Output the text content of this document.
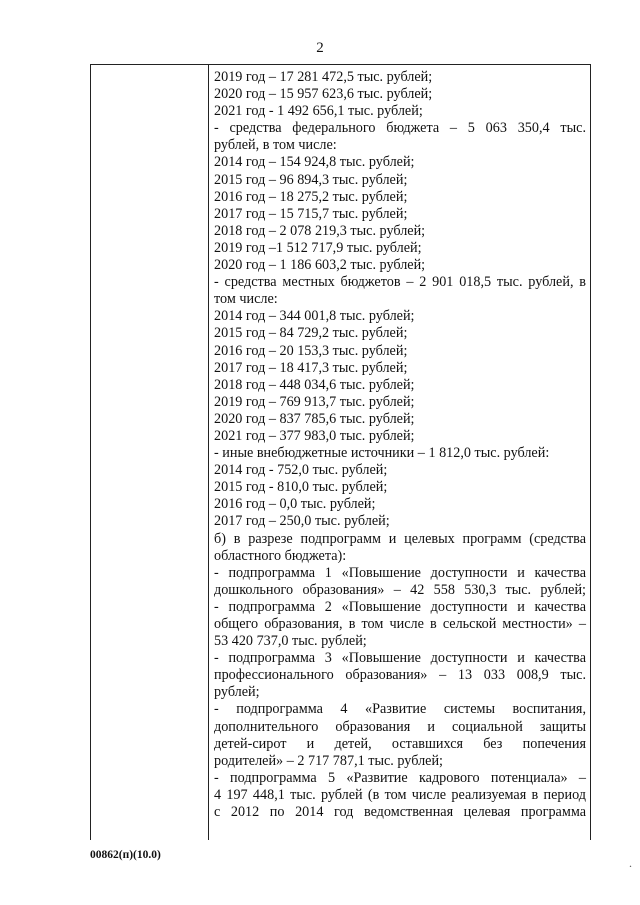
2
2019 год – 17 281 472,5 тыс. рублей;
2020 год – 15 957 623,6 тыс. рублей;
2021 год - 1 492 656,1 тыс. рублей;
- средства федерального бюджета – 5 063 350,4 тыс.
рублей, в том числе:
2014 год – 154 924,8 тыс. рублей;
2015 год – 96 894,3 тыс. рублей;
2016 год – 18 275,2 тыс. рублей;
2017 год – 15 715,7 тыс. рублей;
2018 год – 2 078 219,3 тыс. рублей;
2019 год –1 512 717,9 тыс. рублей;
2020 год – 1 186 603,2 тыс. рублей;
- средства местных бюджетов – 2 901 018,5 тыс. рублей, в
том числе:
2014 год – 344 001,8 тыс. рублей;
2015 год – 84 729,2 тыс. рублей;
2016 год – 20 153,3 тыс. рублей;
2017 год – 18 417,3 тыс. рублей;
2018 год – 448 034,6 тыс. рублей;
2019 год – 769 913,7 тыс. рублей;
2020 год – 837 785,6 тыс. рублей;
2021 год – 377 983,0 тыс. рублей;
- иные внебюджетные источники – 1 812,0 тыс. рублей:
2014 год - 752,0 тыс. рублей;
2015 год - 810,0 тыс. рублей;
2016 год – 0,0 тыс. рублей;
2017 год – 250,0 тыс. рублей;
б) в разрезе подпрограмм и целевых программ (средства
областного бюджета):
- подпрограмма 1 «Повышение доступности и качества
дошкольного образования» – 42 558 530,3 тыс. рублей;
- подпрограмма 2 «Повышение доступности и качества
общего образования, в том числе в сельской местности» –
53 420 737,0 тыс. рублей;
- подпрограмма 3 «Повышение доступности и качества
профессионального образования» – 13 033 008,9 тыс.
рублей;
- подпрограмма 4 «Развитие системы воспитания,
дополнительного образования и социальной защиты
детей-сирот и детей, оставшихся без попечения
родителей» – 2 717 787,1 тыс. рублей;
- подпрограмма 5 «Развитие кадрового потенциала» –
4 197 448,1 тыс. рублей (в том числе реализуемая в период
с 2012 по 2014 год ведомственная целевая программа
00862(п)(10.0)
.
